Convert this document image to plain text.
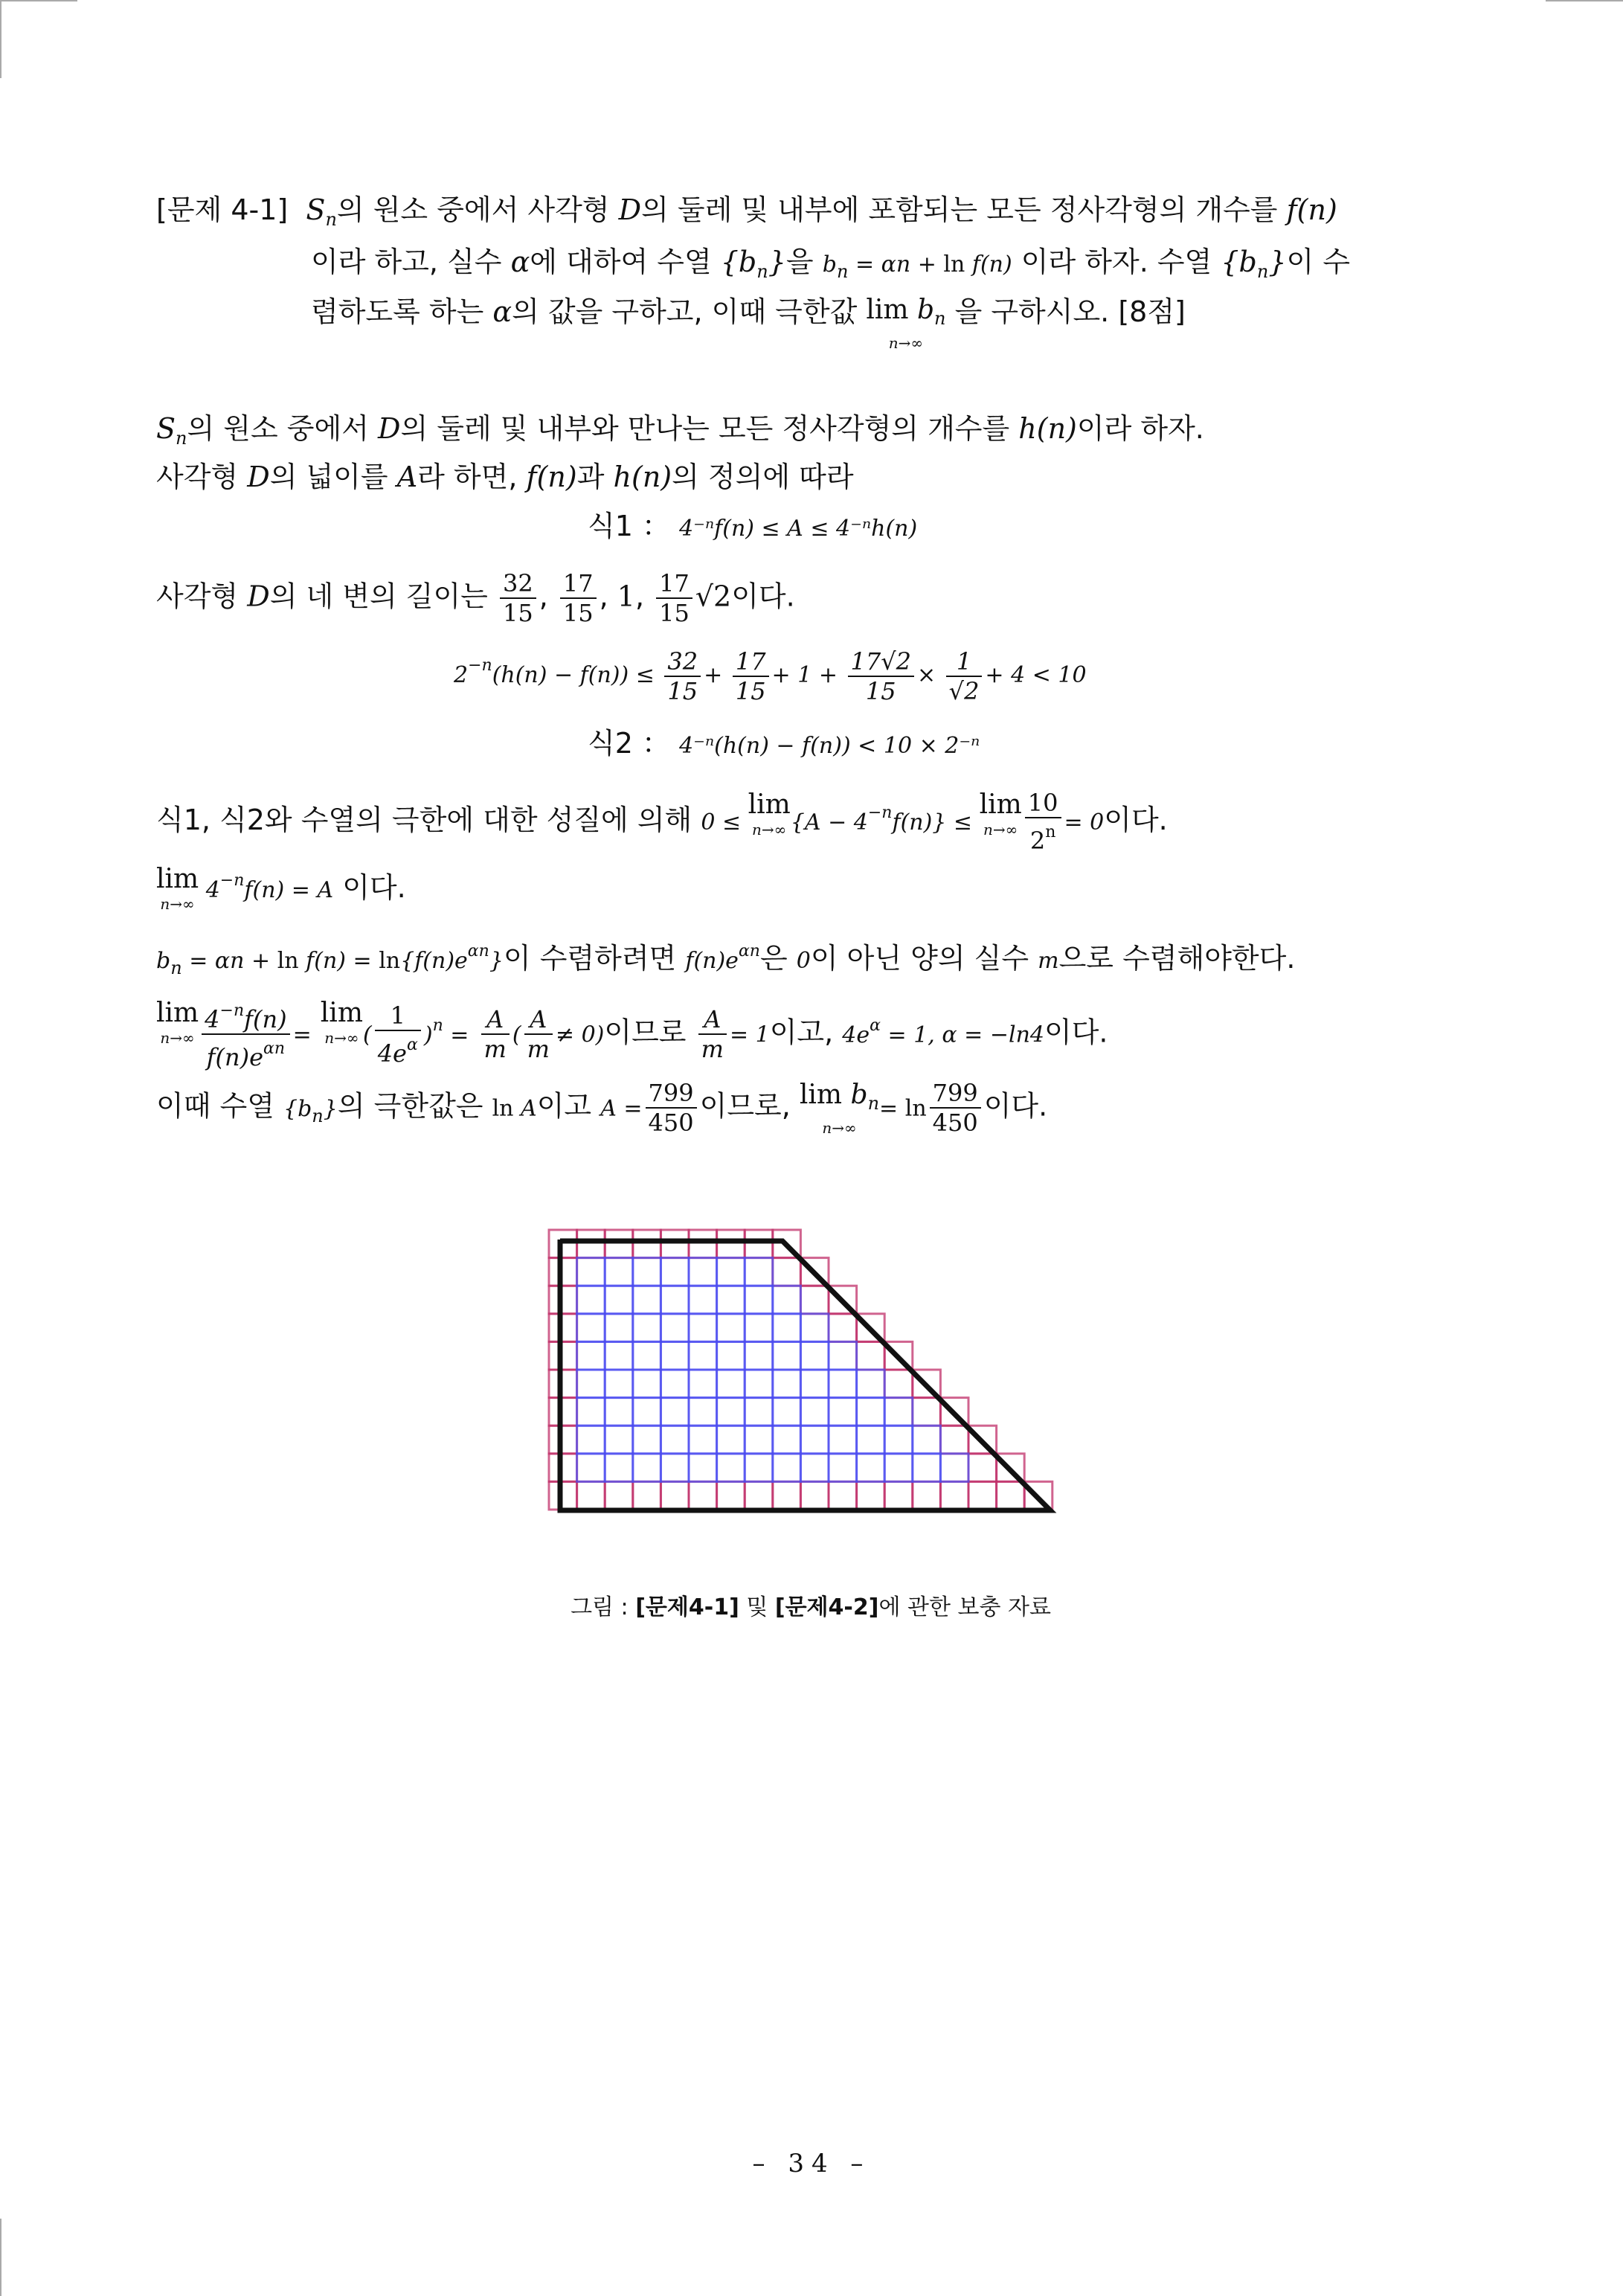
[문제 4-1] $S_n$의 원소 중에서 사각형 D의 둘레 및 내부에 포함되는 모든 정사각형의 개수를 f(n)
이라 하고, 실수 α에 대하여 수열 $\{b_n\}$을 $b_n = \alpha n + \ln f(n)$ 이라 하자. 수열 $\{b_n\}$이 수
렴하도록 하는 α의 값을 구하고, 이때 극한값 $\lim b_n$
n→∞
을 구하시오. [8점]
$S_n$의 원소 중에서 D의 둘레 및 내부와 만나는 모든 정사각형의 개수를 h(n)이라 하자.
사각형 D의 넓이를 A라 하면, f(n)과 h(n)의 정의에 따라
식1 ： 4⁻ⁿf(n) ≤ A ≤ 4⁻ⁿh(n)
사각형 D의 네 변의 길이는 $\frac{32}{15}$ , $\frac{17}{15}$ , 1, $\frac{17}{15} √2$이다.
$2^{-n}(h(n) - f(n)) \le \frac{32}{15} + \frac{17}{15} + 1 + \frac{17√2}{15} \times \frac{1}{√2} + 4 < 10$
식2 ： 4⁻ⁿ(h(n) − f(n)) < 10 × 2⁻ⁿ
식1, 식2와 수열의 극한에 대한 성질에 의해 0 ≤
lim
n→∞ $\{A - 4^{-n}f(n)\}$ ≤
lim
$n\to\infty \frac{10}{2^n} = 0$이다.
lim
n→∞
$4^{-n}f(n) = A$ 이다.
$b_n = \alpha n + \ln f(n) = \ln\{f(n)e^{\alpha n}\}$이 수렴하려면 $f(n)e^{\alpha n}$은 0이 아닌 양의 실수 m으로 수렴해야한다.
lim
$n\to\infty \frac{4^{-n}f(n)}{f(n)e^{\alpha n}}$ =
lim
n→∞ ( $\frac{1}{4e^\alpha} )^n = \frac{A}{m}$ ( $\frac{A}{m} \ne 0$)이므로 $\frac{A}{m} = 1$이고, $4e^\alpha = 1$, α = −ln4이다.
이때 수열 $\{b_n\}$의 극한값은 ln A이고 $A = \frac{799}{450}$ 이므로, $\lim b_n$
n→∞
= $\ln \frac{799}{450}$ 이다.
그림 : [문제4-1] 및 [문제4-2]에 관한 보충 자료
– 34 –
